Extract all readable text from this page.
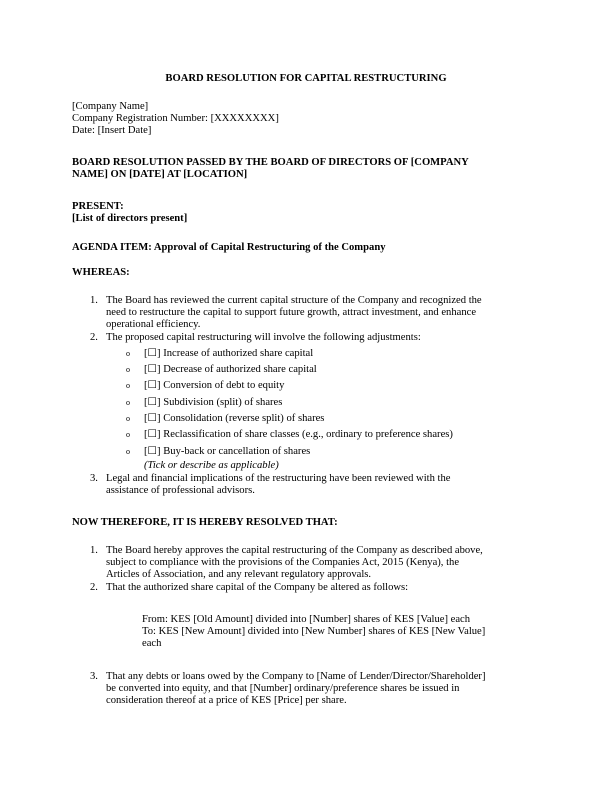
BOARD RESOLUTION FOR CAPITAL RESTRUCTURING
[Company Name]
Company Registration Number: [XXXXXXXX]
Date: [Insert Date]
BOARD RESOLUTION PASSED BY THE BOARD OF DIRECTORS OF [COMPANY
NAME] ON [DATE] AT [LOCATION]
PRESENT:
[List of directors present]
AGENDA ITEM: Approval of Capital Restructuring of the Company
WHEREAS:
1. The Board has reviewed the current capital structure of the Company and recognized the
need to restructure the capital to support future growth, attract investment, and enhance
operational efficiency.
2. The proposed capital restructuring will involve the following adjustments:
o [☐] Increase of authorized share capital
o [☐] Decrease of authorized share capital
o [☐] Conversion of debt to equity
o [☐] Subdivision (split) of shares
o [☐] Consolidation (reverse split) of shares
o [☐] Reclassification of share classes (e.g., ordinary to preference shares)
o [☐] Buy-back or cancellation of shares
(Tick or describe as applicable)
3. Legal and financial implications of the restructuring have been reviewed with the
assistance of professional advisors.
NOW THEREFORE, IT IS HEREBY RESOLVED THAT:
1. The Board hereby approves the capital restructuring of the Company as described above,
subject to compliance with the provisions of the Companies Act, 2015 (Kenya), the
Articles of Association, and any relevant regulatory approvals.
2. That the authorized share capital of the Company be altered as follows:
From: KES [Old Amount] divided into [Number] shares of KES [Value] each
To: KES [New Amount] divided into [New Number] shares of KES [New Value]
each
3. That any debts or loans owed by the Company to [Name of Lender/Director/Shareholder]
be converted into equity, and that [Number] ordinary/preference shares be issued in
consideration thereof at a price of KES [Price] per share.
